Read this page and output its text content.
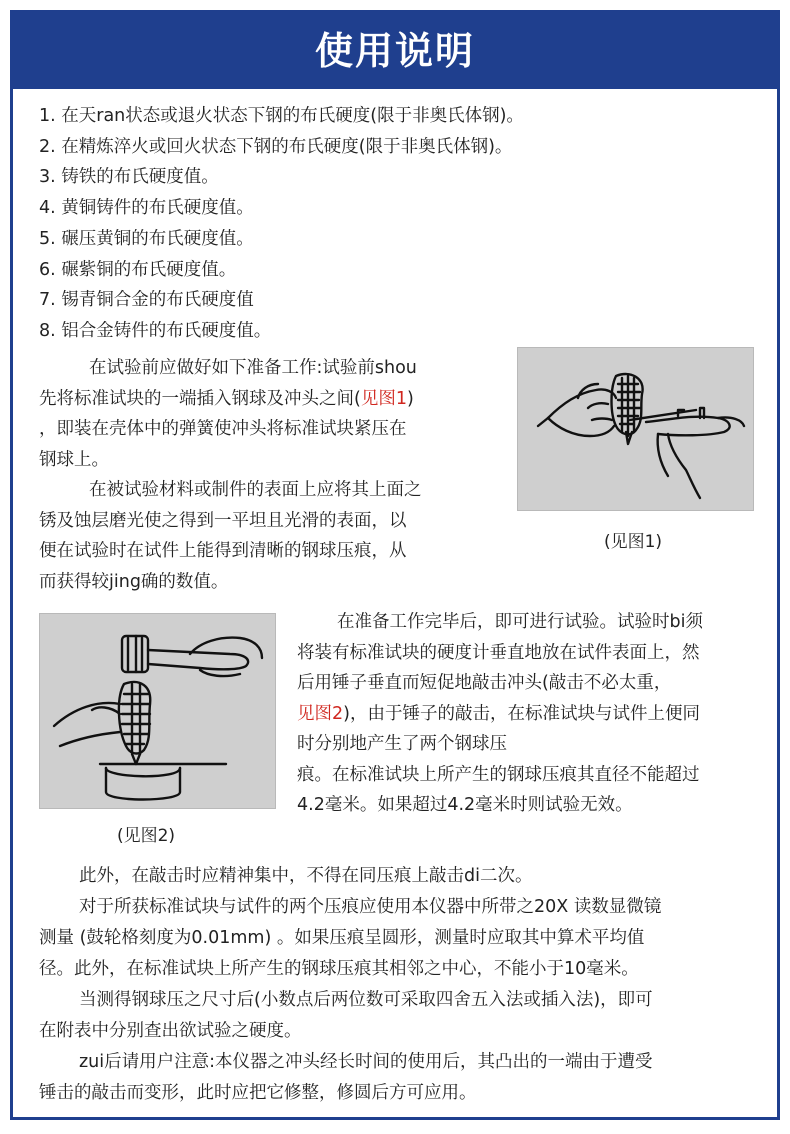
使用说明
1. 在天ran状态或退火状态下钢的布氏硬度(限于非奥氏体钢)。
2. 在精炼淬火或回火状态下钢的布氏硬度(限于非奥氏体钢)。
3. 铸铁的布氏硬度值。
4. 黄铜铸件的布氏硬度值。
5. 碾压黄铜的布氏硬度值。
6. 碾紫铜的布氏硬度值。
7. 锡青铜合金的布氏硬度值
8. 铝合金铸件的布氏硬度值。

在试验前应做好如下准备工作:试验前shou

先将标准试块的一端插入钢球及冲头之间(见图1)

，即装在壳体中的弹簧使冲头将标准试块紧压在

钢球上。

在被试验材料或制件的表面上应将其上面之

锈及蚀层磨光使之得到一平坦且光滑的表面，以

便在试验时在试件上能得到清晰的钢球压痕，从

而获得较jing确的数值。

(见图1)
(见图2)

在准备工作完毕后，即可进行试验。试验时bi须

将装有标准试块的硬度计垂直地放在试件表面上，然

后用锤子垂直而短促地敲击冲头(敲击不必太重，

见图2)，由于锤子的敲击，在标准试块与试件上便同

时分别地产生了两个钢球压

痕。在标准试块上所产生的钢球压痕其直径不能超过

4.2毫米。如果超过4.2毫米时则试验无效。

此外，在敲击时应精神集中，不得在同压痕上敲击di二次。

对于所获标准试块与试件的两个压痕应使用本仪器中所带之20X 读数显微镜

测量 (鼓轮格刻度为0.01mm) 。如果压痕呈圆形，测量时应取其中算术平均值

径。此外，在标准试块上所产生的钢球压痕其相邻之中心，不能小于10毫米。

当测得钢球压之尺寸后(小数点后两位数可采取四舍五入法或插入法)，即可

在附表中分别查出欲试验之硬度。

zui后请用户注意:本仪器之冲头经长时间的使用后，其凸出的一端由于遭受

锤击的敲击而变形，此时应把它修整，修圆后方可应用。
